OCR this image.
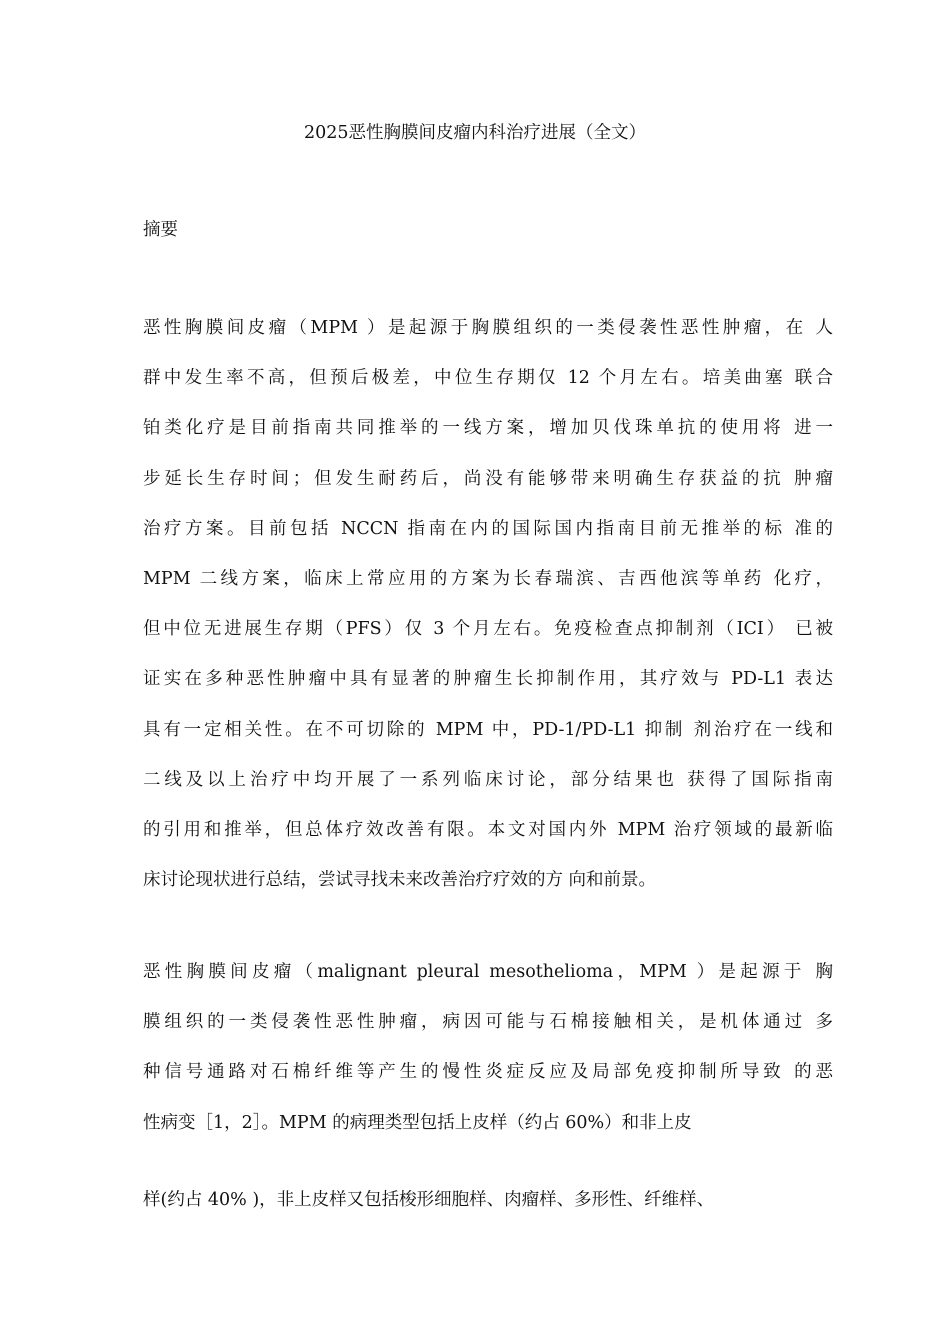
2025恶性胸膜间皮瘤内科治疗进展（全文）
摘要
恶性胸膜间皮瘤（MPM ）是起源于胸膜组织的一类侵袭性恶性肿瘤，在 人
群中发生率不高，但预后极差，中位生存期仅 12 个月左右。培美曲塞 联合
铂类化疗是目前指南共同推举的一线方案，增加贝伐珠单抗的使用将 进一
步延长生存时间；但发生耐药后，尚没有能够带来明确生存获益的抗 肿瘤
治疗方案。目前包括 NCCN 指南在内的国际国内指南目前无推举的标 准的
MPM 二线方案，临床上常应用的方案为长春瑞滨、吉西他滨等单药 化疗，
但中位无进展生存期（PFS）仅 3 个月左右。免疫检查点抑制剂（ICI） 已被
证实在多种恶性肿瘤中具有显著的肿瘤生长抑制作用，其疗效与 PD-L1 表达
具有一定相关性。在不可切除的 MPM 中，PD-1/PD-L1 抑制 剂治疗在一线和
二线及以上治疗中均开展了一系列临床讨论，部分结果也 获得了国际指南
的引用和推举，但总体疗效改善有限。本文对国内外 MPM 治疗领域的最新临
床讨论现状进行总结，尝试寻找未来改善治疗疗效的方 向和前景。
恶性胸膜间皮瘤（malignant pleural mesothelioma，MPM ）是起源于 胸
膜组织的一类侵袭性恶性肿瘤，病因可能与石棉接触相关，是机体通过 多
种信号通路对石棉纤维等产生的慢性炎症反应及局部免疫抑制所导致 的恶
性病变［1，2］。MPM 的病理类型包括上皮样（约占 60%）和非上皮
样(约占 40% )，非上皮样又包括梭形细胞样、肉瘤样、多形性、纤维样、
